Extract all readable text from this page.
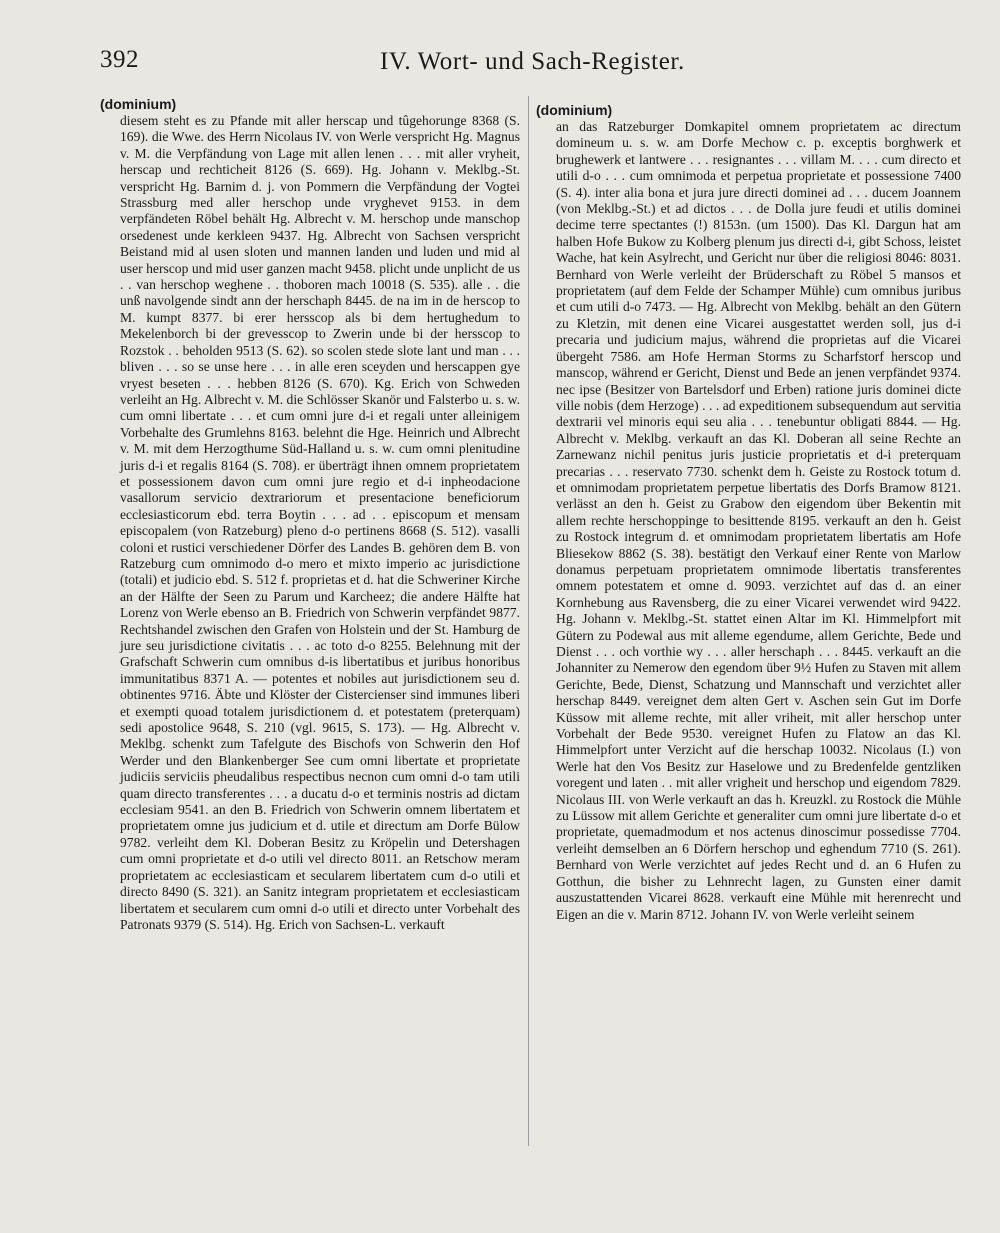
392	IV. Wort- und Sach-Register.
(dominium)
diesem steht es zu Pfande mit aller herscap und tûgehorunge 8368 (S. 169). die Wwe. des Herrn Nicolaus IV. von Werle verspricht Hg. Magnus v. M. die Verpfändung von Lage mit allen lenen . . . mit aller vryheit, herscap und rechticheit 8126 (S. 669). Hg. Johann v. Meklbg.-St. verspricht Hg. Barnim d. j. von Pommern die Verpfändung der Vogtei Strassburg med aller herschop unde vryghevet 9153. in dem verpfändeten Röbel behält Hg. Albrecht v. M. herschop unde manschop orsedenest unde kerkleen 9437. Hg. Albrecht von Sachsen verspricht Beistand mid al usen sloten und mannen landen und luden und mid al user herscop und mid user ganzen macht 9458. plicht unde unplicht de us . . van herschop weghene . . thoboren mach 10018 (S. 535). alle . . die unß navolgende sindt ann der herschaph 8445. de na im in de herscop to M. kumpt 8377. bi erer hersscop als bi dem hertughedum to Mekelenborch bi der grevesscop to Zwerin unde bi der hersscop to Rozstok . . beholden 9513 (S. 62). so scolen stede slote lant und man . . . bliven . . . so se unse here . . . in alle eren sceyden und herscappen gye vryest beseten . . . hebben 8126 (S. 670). Kg. Erich von Schweden verleiht an Hg. Albrecht v. M. die Schlösser Skanör und Falsterbo u. s. w. cum omni libertate . . . et cum omni jure d-i et regali unter alleinigem Vorbehalte des Grumlehns 8163. belehnt die Hge. Heinrich und Albrecht v. M. mit dem Herzogthume Süd-Halland u. s. w. cum omni plenitudine juris d-i et regalis 8164 (S. 708). er überträgt ihnen omnem proprietatem et possessionem davon cum omni jure regio et d-i inpheodacione vasallorum servicio dextrariorum et presentacione beneficiorum ecclesiasticorum ebd. terra Boytin . . . ad . . episcopum et mensam episcopalem (von Ratzeburg) pleno d-o pertinens 8668 (S. 512). vasalli coloni et rustici verschiedener Dörfer des Landes B. gehören dem B. von Ratzeburg cum omnimodo d-o mero et mixto imperio ac jurisdictione (totali) et judicio ebd. S. 512 f. proprietas et d. hat die Schweriner Kirche an der Hälfte der Seen zu Parum und Karcheez; die andere Hälfte hat Lorenz von Werle ebenso an B. Friedrich von Schwerin verpfändet 9877. Rechtshandel zwischen den Grafen von Holstein und der St. Hamburg de jure seu jurisdictione civitatis . . . ac toto d-o 8255. Belehnung mit der Grafschaft Schwerin cum omnibus d-is libertatibus et juribus honoribus immunitatibus 8371 A. — potentes et nobiles aut jurisdictionem seu d. obtinentes 9716. Äbte und Klöster der Cistercienser sind immunes liberi et exempti quoad totalem jurisdictionem d. et potestatem (preterquam) sedi apostolice 9648, S. 210 (vgl. 9615, S. 173). — Hg. Albrecht v. Meklbg. schenkt zum Tafelgute des Bischofs von Schwerin den Hof Werder und den Blankenberger See cum omni libertate et proprietate judiciis serviciis pheudalibus respectibus necnon cum omni d-o tam utili quam directo transferentes . . . a ducatu d-o et terminis nostris ad dictam ecclesiam 9541. an den B. Friedrich von Schwerin omnem libertatem et proprietatem omne jus judicium et d. utile et directum am Dorfe Bülow 9782. verleiht dem Kl. Doberan Besitz zu Kröpelin und Detershagen cum omni proprietate et d-o utili vel directo 8011. an Retschow meram proprietatem ac ecclesiasticam et secularem libertatem cum d-o utili et directo 8490 (S. 321). an Sanitz integram proprietatem et ecclesiasticam libertatem et secularem cum omni d-o utili et directo unter Vorbehalt des Patronats 9379 (S. 514). Hg. Erich von Sachsen-L. verkauft
(dominium)
an das Ratzeburger Domkapitel omnem proprietatem ac directum domineum u. s. w. am Dorfe Mechow c. p. exceptis borghwerk et brughewerk et lantwere . . . resignantes . . . villam M. . . . cum directo et utili d-o . . . cum omnimoda et perpetua proprietate et possessione 7400 (S. 4). inter alia bona et jura jure directi dominei ad . . . ducem Joannem (von Meklbg.-St.) et ad dictos . . . de Dolla jure feudi et utilis dominei decime terre spectantes (!) 8153n. (um 1500). Das Kl. Dargun hat am halben Hofe Bukow zu Kolberg plenum jus directi d-i, gibt Schoss, leistet Wache, hat kein Asylrecht, und Gericht nur über die religiosi 8046: 8031. Bernhard von Werle verleiht der Brüderschaft zu Röbel 5 mansos et proprietatem (auf dem Felde der Schamper Mühle) cum omnibus juribus et cum utili d-o 7473. — Hg. Albrecht von Meklbg. behält an den Gütern zu Kletzin, mit denen eine Vicarei ausgestattet werden soll, jus d-i precaria und judicium majus, während die proprietas auf die Vicarei übergeht 7586. am Hofe Herman Storms zu Scharfstorf herscop und manscop, während er Gericht, Dienst und Bede an jenen verpfändet 9374. nec ipse (Besitzer von Bartelsdorf und Erben) ratione juris dominei dicte ville nobis (dem Herzoge) . . . ad expeditionem subsequendum aut servitia dextrarii vel minoris equi seu alia . . . tenebuntur obligati 8844. — Hg. Albrecht v. Meklbg. verkauft an das Kl. Doberan all seine Rechte an Zarnewanz nichil penitus juris justicie proprietatis et d-i preterquam precarias . . . reservato 7730. schenkt dem h. Geiste zu Rostock totum d. et omnimodam proprietatem perpetue libertatis des Dorfs Bramow 8121. verlässt an den h. Geist zu Grabow den eigendom über Bekentin mit allem rechte herschoppinge to besittende 8195. verkauft an den h. Geist zu Rostock integrum d. et omnimodam proprietatem libertatis am Hofe Bliesekow 8862 (S. 38). bestätigt den Verkauf einer Rente von Marlow donamus perpetuam proprietatem omnimode libertatis transferentes omnem potestatem et omne d. 9093. verzichtet auf das d. an einer Kornhebung aus Ravensberg, die zu einer Vicarei verwendet wird 9422. Hg. Johann v. Meklbg.-St. stattet einen Altar im Kl. Himmelpfort mit Gütern zu Podewal aus mit alleme egendume, allem Gerichte, Bede und Dienst . . . och vorthie wy . . . aller herschaph . . . 8445. verkauft an die Johanniter zu Nemerow den egendom über 9½ Hufen zu Staven mit allem Gerichte, Bede, Dienst, Schatzung und Mannschaft und verzichtet aller herschap 8449. vereignet dem alten Gert v. Aschen sein Gut im Dorfe Küssow mit alleme rechte, mit aller vriheit, mit aller herschop unter Vorbehalt der Bede 9530. vereignet Hufen zu Flatow an das Kl. Himmelpfort unter Verzicht auf die herschap 10032. Nicolaus (I.) von Werle hat den Vos Besitz zur Haselowe und zu Bredenfelde gentzliken voregent und laten . . mit aller vrigheit und herschop und eigendom 7829. Nicolaus III. von Werle verkauft an das h. Kreuzkl. zu Rostock die Mühle zu Lüssow mit allem Gerichte et generaliter cum omni jure libertate d-o et proprietate, quemadmodum et nos actenus dinoscimur possedisse 7704. verleiht demselben an 6 Dörfern herschop und eghendum 7710 (S. 261). Bernhard von Werle verzichtet auf jedes Recht und d. an 6 Hufen zu Gotthun, die bisher zu Lehnrecht lagen, zu Gunsten einer damit auszustattenden Vicarei 8628. verkauft eine Mühle mit herenrecht und Eigen an die v. Marin 8712. Johann IV. von Werle verleiht seinem
